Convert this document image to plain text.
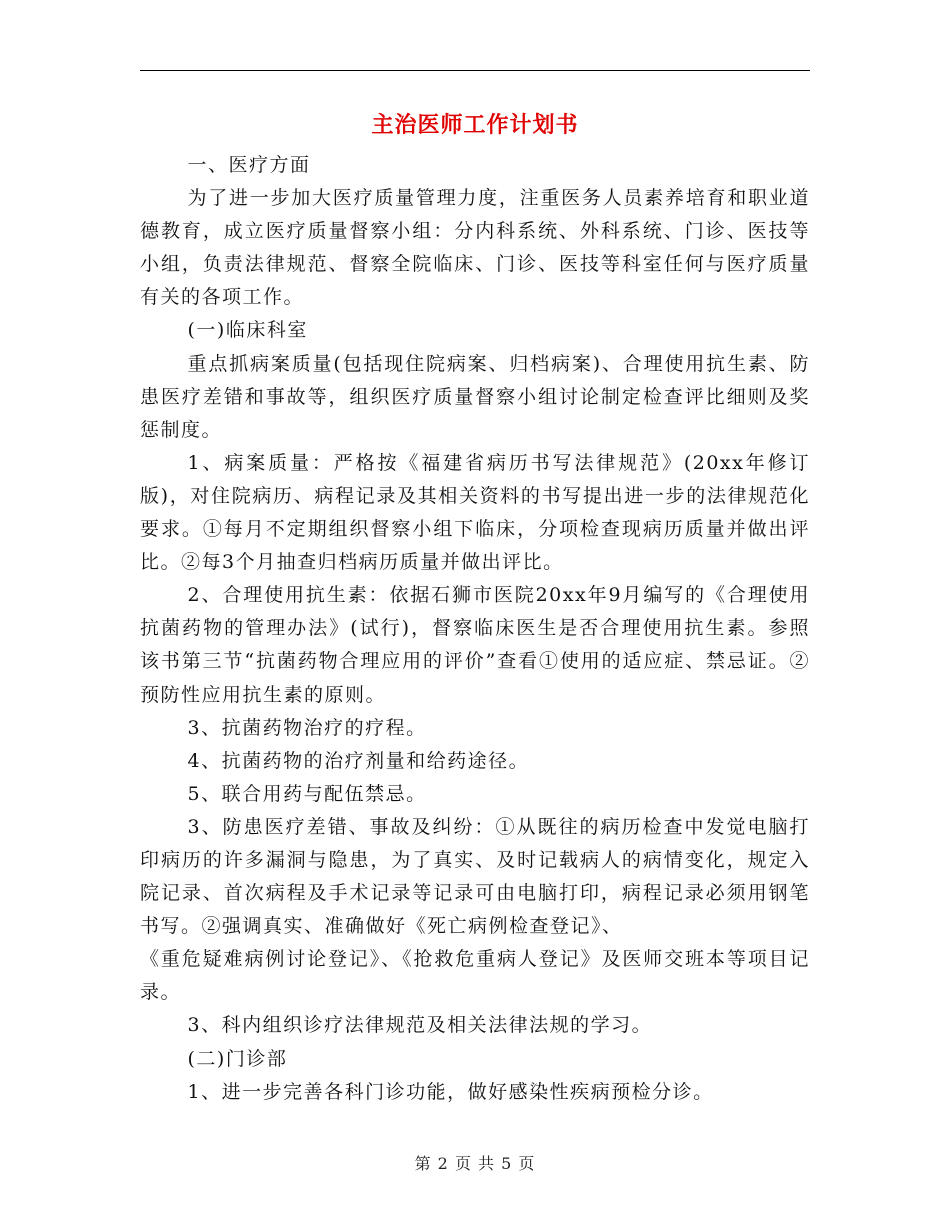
主治医师工作计划书

一、医疗方面

为了进一步加大医疗质量管理力度，注重医务人员素养培育和职业道德教育，成立医疗质量督察小组：分内科系统、外科系统、门诊、医技等小组，负责法律规范、督察全院临床、门诊、医技等科室任何与医疗质量有关的各项工作。

(一)临床科室

重点抓病案质量(包括现住院病案、归档病案)、合理使用抗生素、防患医疗差错和事故等，组织医疗质量督察小组讨论制定检查评比细则及奖惩制度。

1、病案质量：严格按《福建省病历书写法律规范》(20xx年修订版)，对住院病历、病程记录及其相关资料的书写提出进一步的法律规范化要求。①每月不定期组织督察小组下临床，分项检查现病历质量并做出评比。②每3个月抽查归档病历质量并做出评比。

2、合理使用抗生素：依据石狮市医院20xx年9月编写的《合理使用抗菌药物的管理办法》(试行)，督察临床医生是否合理使用抗生素。参照该书第三节“抗菌药物合理应用的评价”查看①使用的适应症、禁忌证。②预防性应用抗生素的原则。

3、抗菌药物治疗的疗程。

4、抗菌药物的治疗剂量和给药途径。

5、联合用药与配伍禁忌。

3、防患医疗差错、事故及纠纷：①从既往的病历检查中发觉电脑打印病历的许多漏洞与隐患，为了真实、及时记载病人的病情变化，规定入院记录、首次病程及手术记录等记录可由电脑打印，病程记录必须用钢笔书写。②强调真实、准确做好《死亡病例检查登记》、

《重危疑难病例讨论登记》、《抢救危重病人登记》及医师交班本等项目记录。

3、科内组织诊疗法律规范及相关法律法规的学习。

(二)门诊部

1、进一步完善各科门诊功能，做好感染性疾病预检分诊。

第 2 页 共 5 页
